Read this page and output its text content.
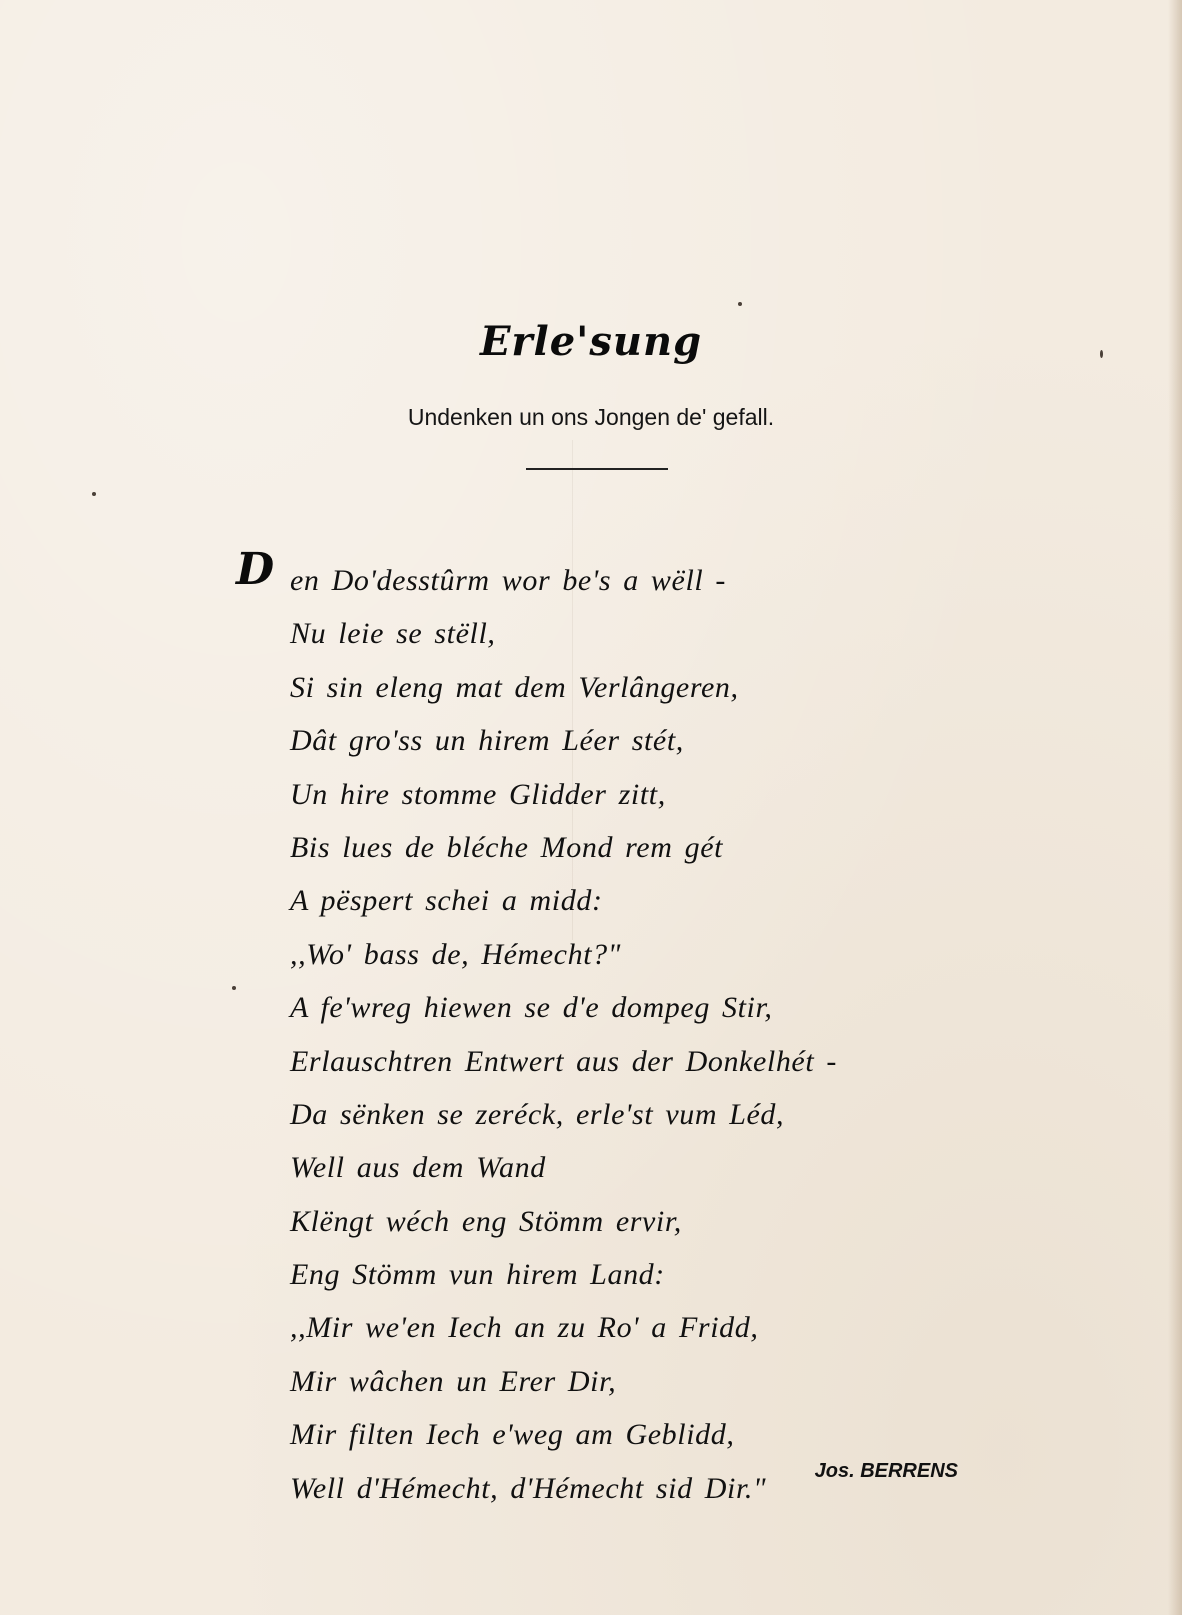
Erle'sung

Undenken un ons Jongen de' gefall.

D en Do'desstûrm wor be's a wëll -
Nu leie se stëll,
Si sin eleng mat dem Verlângeren,
Dât gro'ss un hirem Léer stét,
Un hire stomme Glidder zitt,
Bis lues de bléche Mond rem gét
A pëspert schei a midd:
,,Wo' bass de, Hémecht?"
A fe'wreg hiewen se d'e dompeg Stir,
Erlauschtren Entwert aus der Donkelhét -
Da sënken se zeréck, erle'st vum Léd,
Well aus dem Wand
Klëngt wéch eng Stömm ervir,
Eng Stömm vun hirem Land:
,,Mir we'en Iech an zu Ro' a Fridd,
Mir wâchen un Erer Dir,
Mir filten Iech e'weg am Geblidd,
Well d'Hémecht, d'Hémecht sid Dir."
Jos. BERRENS
